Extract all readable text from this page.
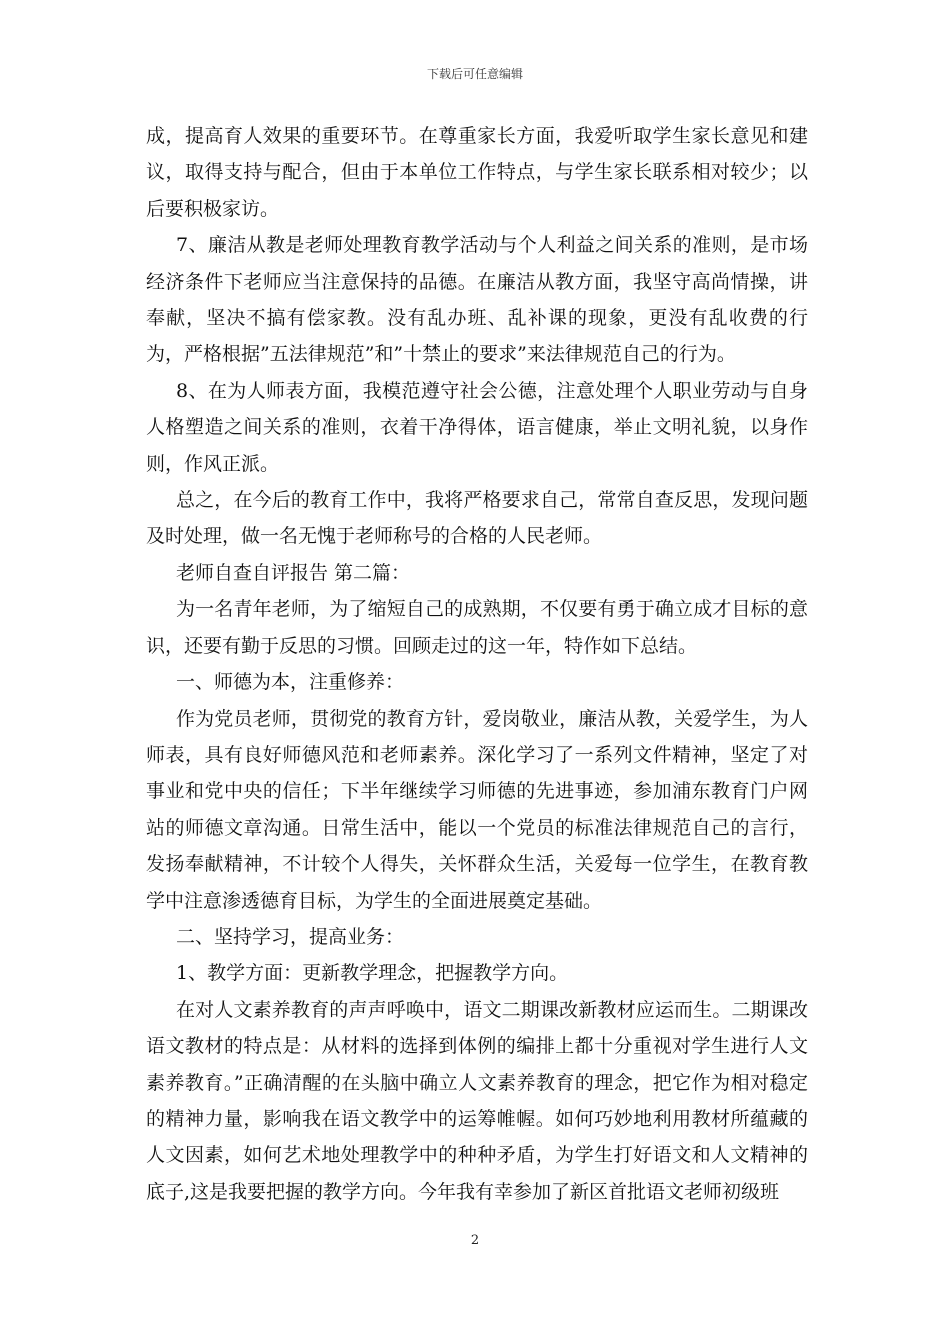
下载后可任意编辑

成，提高育人效果的重要环节。在尊重家长方面，我爱听取学生家长意见和建议，取得支持与配合，但由于本单位工作特点，与学生家长联系相对较少；以后要积极家访。

7、廉洁从教是老师处理教育教学活动与个人利益之间关系的准则，是市场经济条件下老师应当注意保持的品德。在廉洁从教方面，我坚守高尚情操，讲奉献，坚决不搞有偿家教。没有乱办班、乱补课的现象，更没有乱收费的行为，严格根据”五法律规范”和”十禁止的要求”来法律规范自己的行为。

8、在为人师表方面，我模范遵守社会公德，注意处理个人职业劳动与自身人格塑造之间关系的准则，衣着干净得体，语言健康，举止文明礼貌，以身作则，作风正派。

总之，在今后的教育工作中，我将严格要求自己，常常自查反思，发现问题及时处理，做一名无愧于老师称号的合格的人民老师。

老师自查自评报告 第二篇：

为一名青年老师，为了缩短自己的成熟期，不仅要有勇于确立成才目标的意识，还要有勤于反思的习惯。回顾走过的这一年，特作如下总结。

一、师德为本，注重修养：

作为党员老师，贯彻党的教育方针，爱岗敬业，廉洁从教，关爱学生，为人师表，具有良好师德风范和老师素养。深化学习了一系列文件精神，坚定了对事业和党中央的信任；下半年继续学习师德的先进事迹，参加浦东教育门户网站的师德文章沟通。日常生活中，能以一个党员的标准法律规范自己的言行，发扬奉献精神，不计较个人得失，关怀群众生活，关爱每一位学生，在教育教学中注意渗透德育目标，为学生的全面进展奠定基础。

二、坚持学习，提高业务：

1、教学方面：更新教学理念，把握教学方向。

在对人文素养教育的声声呼唤中，语文二期课改新教材应运而生。二期课改语文教材的特点是：从材料的选择到体例的编排上都十分重视对学生进行人文素养教育。”正确清醒的在头脑中确立人文素养教育的理念，把它作为相对稳定的精神力量，影响我在语文教学中的运筹帷幄。如何巧妙地利用教材所蕴藏的人文因素，如何艺术地处理教学中的种种矛盾，为学生打好语文和人文精神的底子,这是我要把握的教学方向。今年我有幸参加了新区首批语文老师初级班

2
